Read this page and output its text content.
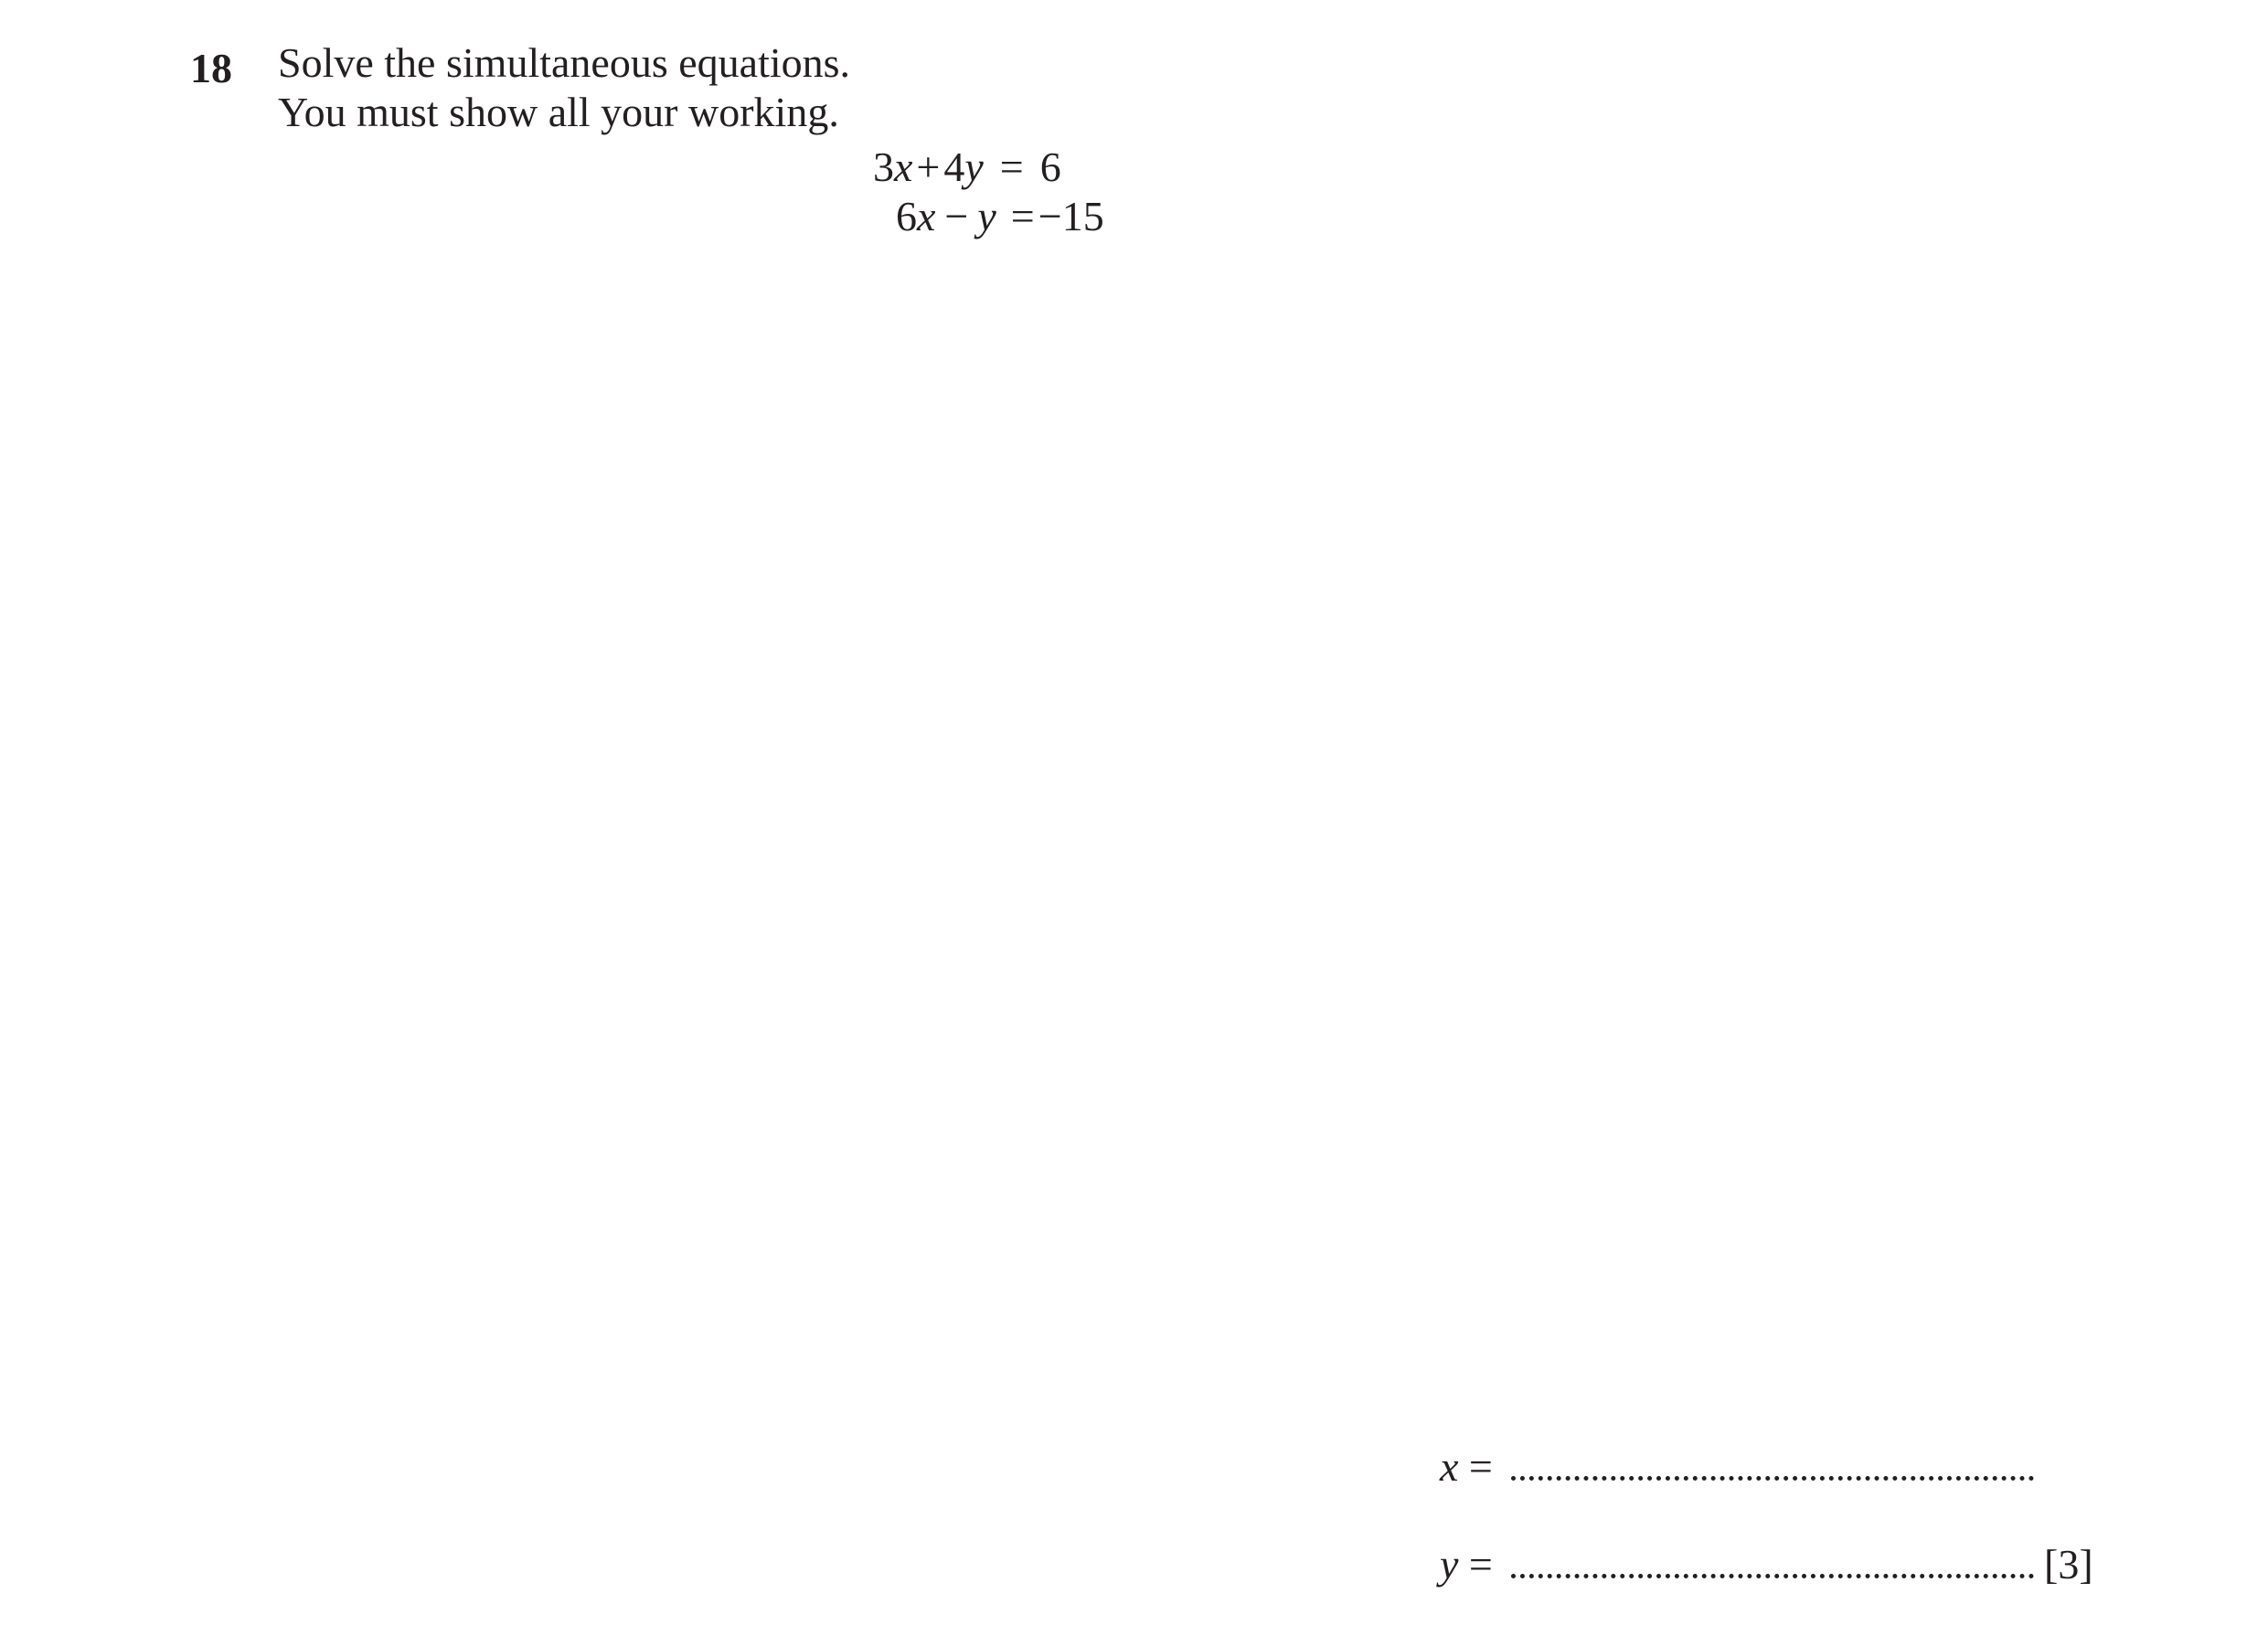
18 Solve the simultaneous equations.
You must show all your working.
3x+4y = 6
6x − y =−15
x =
y =	[3]
